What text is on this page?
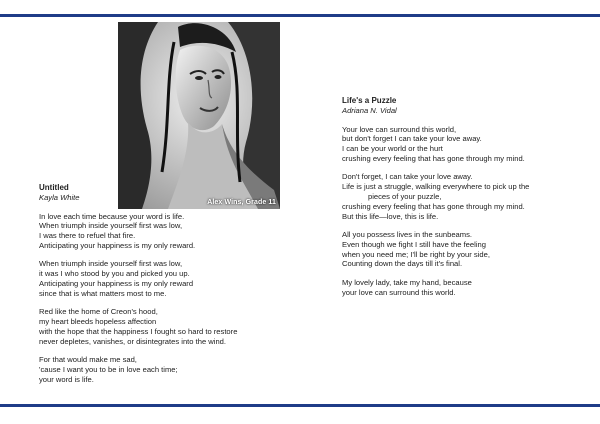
Alex Wins, Grade 11
Untitled
Kayla White
In love each time because your word is life.
When triumph inside yourself first was low,
I was there to refuel that fire.
Anticipating your happiness is my only reward.
When triumph inside yourself first was low,
it was I who stood by you and picked you up.
Anticipating your happiness is my only reward
since that is what matters most to me.
Red like the home of Creon's hood,
my heart bleeds hopeless affection
with the hope that the happiness I fought so hard to restore
never depletes, vanishes, or disintegrates into the wind.
For that would make me sad,
'cause I want you to be in love each time;
your word is life.
Life's a Puzzle
Adriana N. Vidal
Your love can surround this world,
but don't forget I can take your love away.
I can be your world or the hurt
crushing every feeling that has gone through my mind.
Don't forget, I can take your love away.
Life is just a struggle, walking everywhere to pick up the
pieces of your puzzle,
crushing every feeling that has gone through my mind.
But this life—love, this is life.
All you possess lives in the sunbeams.
Even though we fight I still have the feeling
when you need me; I'll be right by your side,
Counting down the days till it's final.
My lovely lady, take my hand, because
your love can surround this world.
